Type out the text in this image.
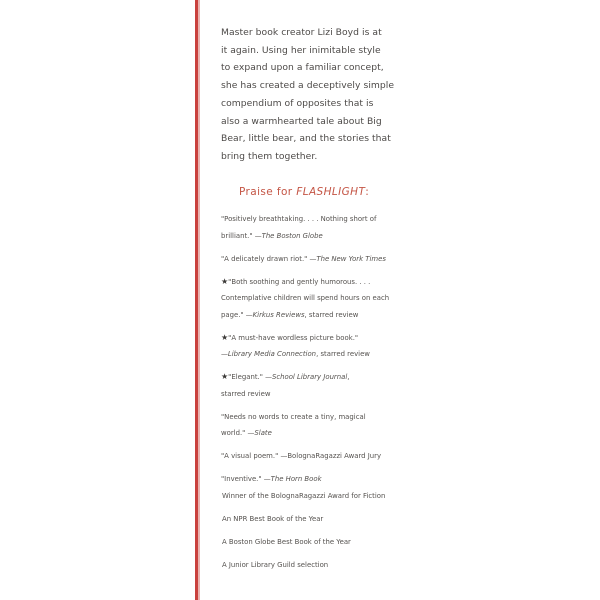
Master book creator Lizi Boyd is at
it again. Using her inimitable style
to expand upon a familiar concept,
she has created a deceptively simple
compendium of opposites that is
also a warmhearted tale about Big
Bear, little bear, and the stories that
bring them together.

Praise for FLASHLIGHT:

"Positively breathtaking. . . . Nothing short of
brilliant." —The Boston Globe
"A delicately drawn riot." —The New York Times
★"Both soothing and gently humorous. . . .
Contemplative children will spend hours on each
page." —Kirkus Reviews, starred review
★"A must-have wordless picture book."
—Library Media Connection, starred review
★"Elegant." —School Library Journal,
starred review
"Needs no words to create a tiny, magical
world." —Slate
"A visual poem." —BolognaRagazzi Award Jury
"Inventive." —The Horn Book
Winner of the BolognaRagazzi Award for Fiction
An NPR Best Book of the Year
A Boston Globe Best Book of the Year
A Junior Library Guild selection
